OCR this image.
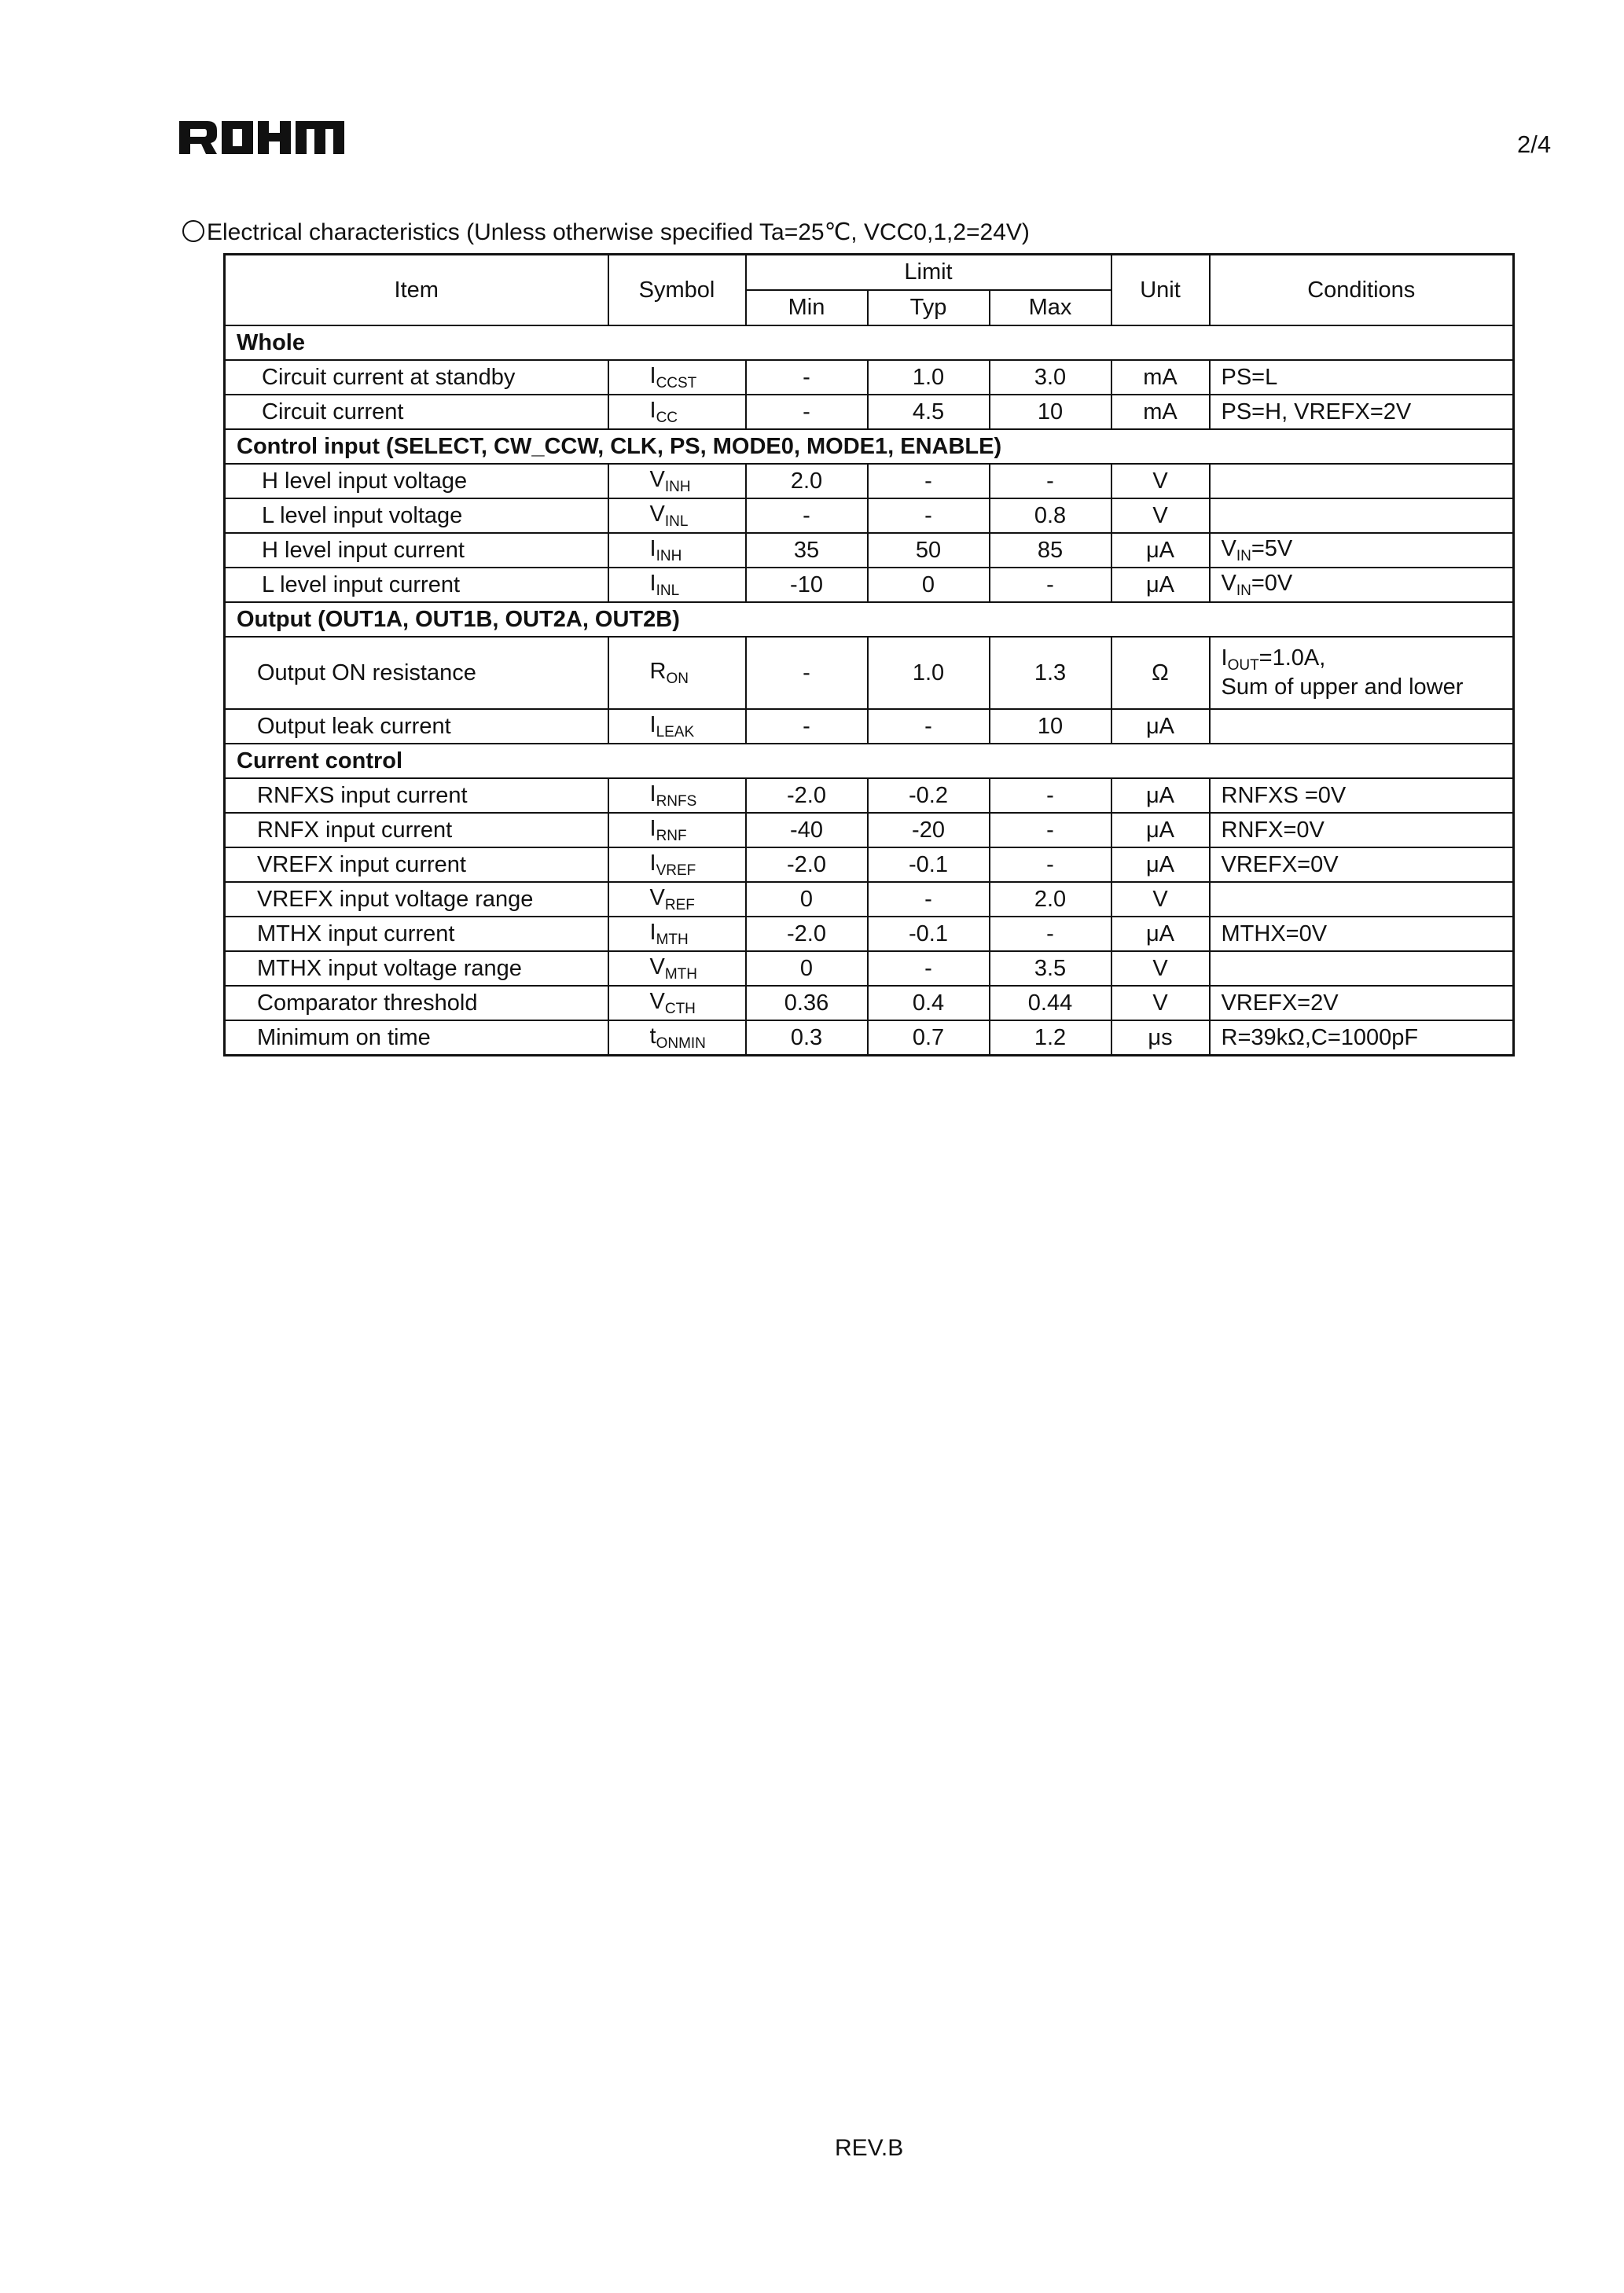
2/4
Electrical characteristics (Unless otherwise specified Ta=25℃, VCC0,1,2=24V)
Item	Symbol	Limit			Unit	Conditions
		Min	Typ	Max		
Whole						
Circuit current at standby	$I_{CCST}$	-	1.0	3.0	mA	PS=L
Circuit current	$I_{CC}$	-	4.5	10	mA	PS=H, VREFX=2V
Control input (SELECT, CW_CCW, CLK, PS, MODE0, MODE1, ENABLE)						
H level input voltage	$V_{INH}$	2.0	-	-	V	
L level input voltage	$V_{INL}$	-	-	0.8	V	
H level input current	$I_{INH}$	35	50	85	μA	$V_{IN}=5V$
L level input current	$I_{INL}$	-10	0	-	μA	$V_{IN}=0V$
Output (OUT1A, OUT1B, OUT2A, OUT2B)						
Output ON resistance	$R_{ON}$	-	1.0	1.3	Ω	$I_{OUT}=1.0A$,
Sum of upper and lower
Output leak current	$I_{LEAK}$	-	-	10	μA	
Current control						
RNFXS input current	$I_{RNFS}$	-2.0	-0.2	-	μA	RNFXS =0V
RNFX input current	$I_{RNF}$	-40	-20	-	μA	RNFX=0V
VREFX input current	$I_{VREF}$	-2.0	-0.1	-	μA	VREFX=0V
VREFX input voltage range	$V_{REF}$	0	-	2.0	V	
MTHX input current	$I_{MTH}$	-2.0	-0.1	-	μA	MTHX=0V
MTHX input voltage range	$V_{MTH}$	0	-	3.5	V	
Comparator threshold	$V_{CTH}$	0.36	0.4	0.44	V	VREFX=2V
Minimum on time	$t_{ONMIN}$	0.3	0.7	1.2	μs	R=39kΩ,C=1000pF
REV.B
